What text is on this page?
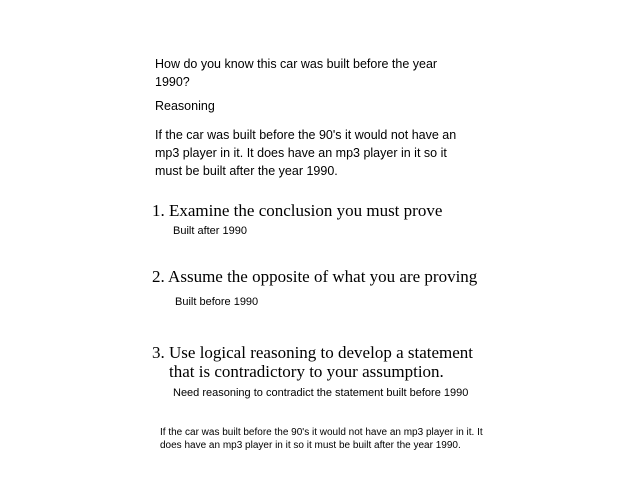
How do you know this car was built before the year
1990?
Reasoning
If the car was built before the 90's it would not have an
mp3 player in it. It does have an mp3 player in it so it
must be built after the year 1990.
1. Examine the conclusion you must prove
Built after 1990
2. Assume the opposite of what you are proving
Built before 1990
3. Use logical reasoning to develop a statement
that is contradictory to your assumption.
Need reasoning to contradict the statement built before 1990
If the car was built before the 90's it would not have an mp3 player in it. It
does have an mp3 player in it so it must be built after the year 1990.
